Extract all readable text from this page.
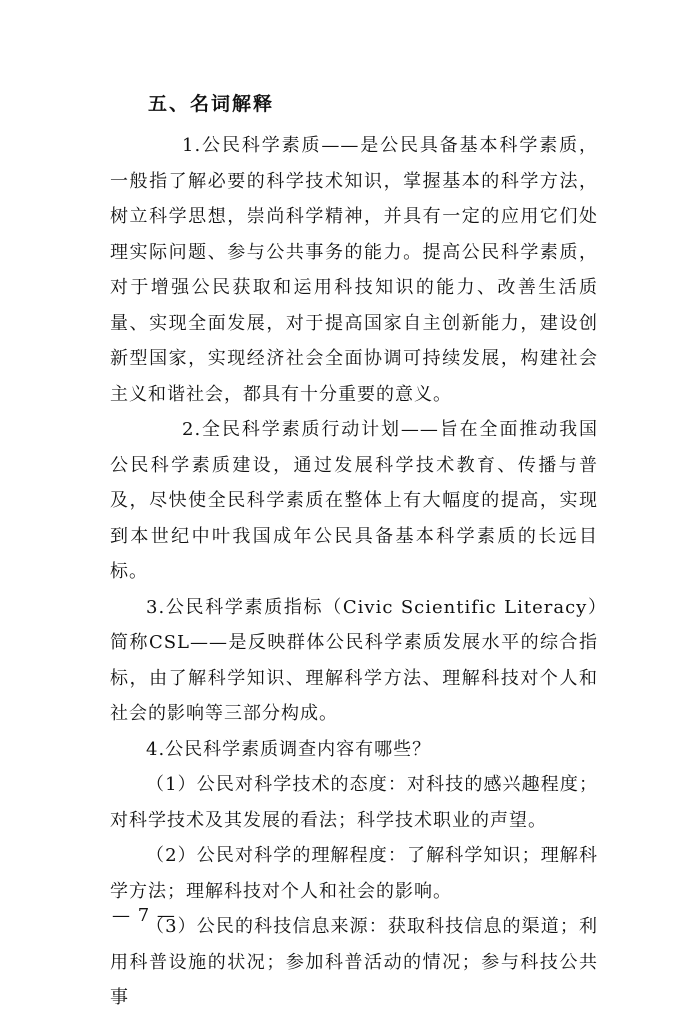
五、名词解释

1.公民科学素质——是公民具备基本科学素质，一般指了解必要的科学技术知识，掌握基本的科学方法，树立科学思想，崇尚科学精神，并具有一定的应用它们处理实际问题、参与公共事务的能力。提高公民科学素质，对于增强公民获取和运用科技知识的能力、改善生活质量、实现全面发展，对于提高国家自主创新能力，建设创新型国家，实现经济社会全面协调可持续发展，构建社会主义和谐社会，都具有十分重要的意义。

2.全民科学素质行动计划——旨在全面推动我国公民科学素质建设，通过发展科学技术教育、传播与普及，尽快使全民科学素质在整体上有大幅度的提高，实现到本世纪中叶我国成年公民具备基本科学素质的长远目标。

3.公民科学素质指标（Civic Scientific Literacy）简称CSL——是反映群体公民科学素质发展水平的综合指标，由了解科学知识、理解科学方法、理解科技对个人和社会的影响等三部分构成。

4.公民科学素质调查内容有哪些？

（1）公民对科学技术的态度：对科技的感兴趣程度；对科学技术及其发展的看法；科学技术职业的声望。

（2）公民对科学的理解程度：了解科学知识；理解科学方法；理解科技对个人和社会的影响。

（3）公民的科技信息来源：获取科技信息的渠道；利用科普设施的状况；参加科普活动的情况；参与科技公共事

— 7 —
